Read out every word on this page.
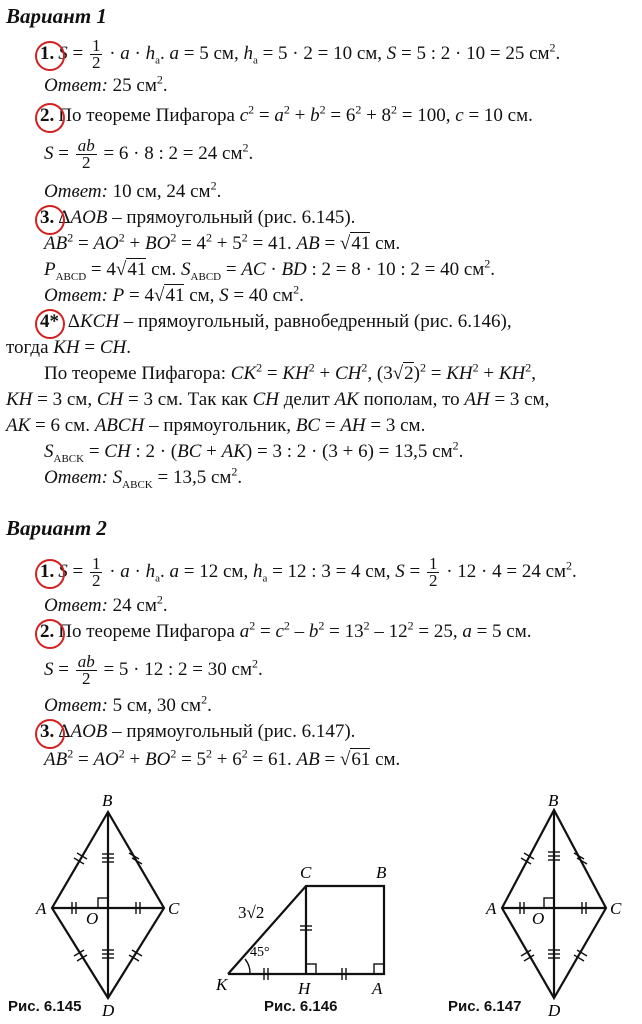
Вариант 1
1. $S = \frac{1}{2} \cdot a \cdot h_a$. a = 5 см, $h_a = 5 \cdot 2 = 10$ см, S = 5 : 2 · 10 = 25 $см^2$.
Ответ: 25 $см^2$.
2. По теореме Пифагора $c^2 = a^2 + b^2 = 6^2 + 8^2 = 100$, c = 10 см.
$S = \frac{ab}{2} = 6 \cdot 8$ : 2 = 24 $см^2$.
Ответ: 10 см, 24 $см^2$.
3. ΔAOB – прямоугольный (рис. 6.145).
$AB^2 = AO^2 + BO^2 = 4^2 + 5^2 = 41$. AB = √41 см.
$P_{ABCD} = 4√41$ см. $S_{ABCD}$ = AC · BD : 2 = 8 · 10 : 2 = 40 $см^2$.
Ответ: P = 4√41 см, S = 40 $см^2$.
4* ΔKCH – прямоугольный, равнобедренный (рис. 6.146),
тогда KH = CH.
По теореме Пифагора: $CK^2 = KH^2 + CH^2$, $(3√2)^2 = KH^2 + KH^2$,
KH = 3 см, CH = 3 см. Так как CH делит AK пополам, то AH = 3 см,
AK = 6 см. ABCH – прямоугольник, BC = AH = 3 см.
$S_{ABCK}$ = CH : 2 · (BC + AK) = 3 : 2 · (3 + 6) = 13,5 $см^2$.
Ответ: $S_{ABCK} = 13,5$ $см^2$.
Вариант 2
1. $S = \frac{1}{2} \cdot a \cdot h_a$. a = 12 см, $h_a = 12$ : 3 = 4 см, $S = \frac{1}{2} \cdot 12 \cdot 4 = 24$ $см^2$.
Ответ: 24 $см^2$.
2. По теореме Пифагора $a^2 = c^2 - b^2 = 13^2 - 12^2 = 25$, a = 5 см.
$S = \frac{ab}{2} = 5 \cdot 12$ : 2 = 30 $см^2$.
Ответ: 5 см, 30 $см^2$.
3. ΔAOB – прямоугольный (рис. 6.147).
$AB^2 = AO^2 + BO^2 = 5^2 + 6^2 = 61$. AB = √61 см.
B
A	C
D
O
C	B
K	H	A
45°
3√2
B
A	C
D
O
Рис. 6.145	Рис. 6.146	Рис. 6.147
